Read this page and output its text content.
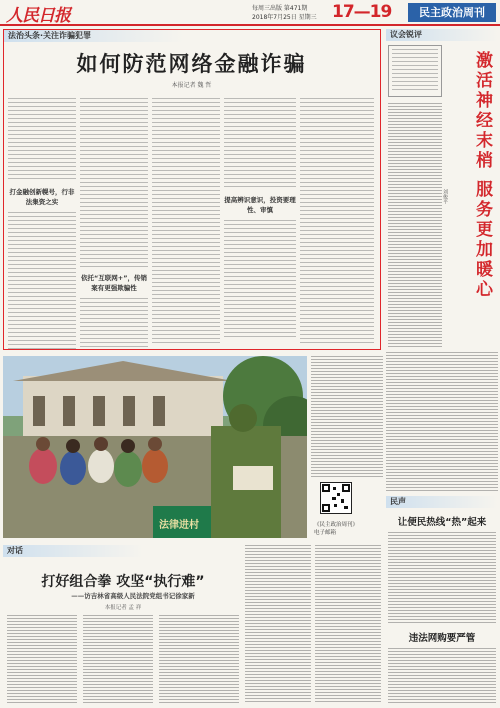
人民日报	每周三出版 第471期
2018年7月25日 星期三 17—19	民主政治周刊
法治头条·关注诈骗犯罪
如何防范网络金融诈骗
本报记者 魏 哲
打金融创新幌号，行非法集资之实
依托“互联网+”，传销案有更强欺骗性
提高辨识意识，投资要理性、审慎
议会锐评
激活神经末梢 服务更加暖心
刘俊平
法律进村	《民主政治周刊》
电子邮箱
对话
打好组合拳 攻坚“执行难”
——访吉林省高级人民法院党组书记徐家新
本报记者 孟 祥
民声
让便民热线“热”起来
违法网购要严管
